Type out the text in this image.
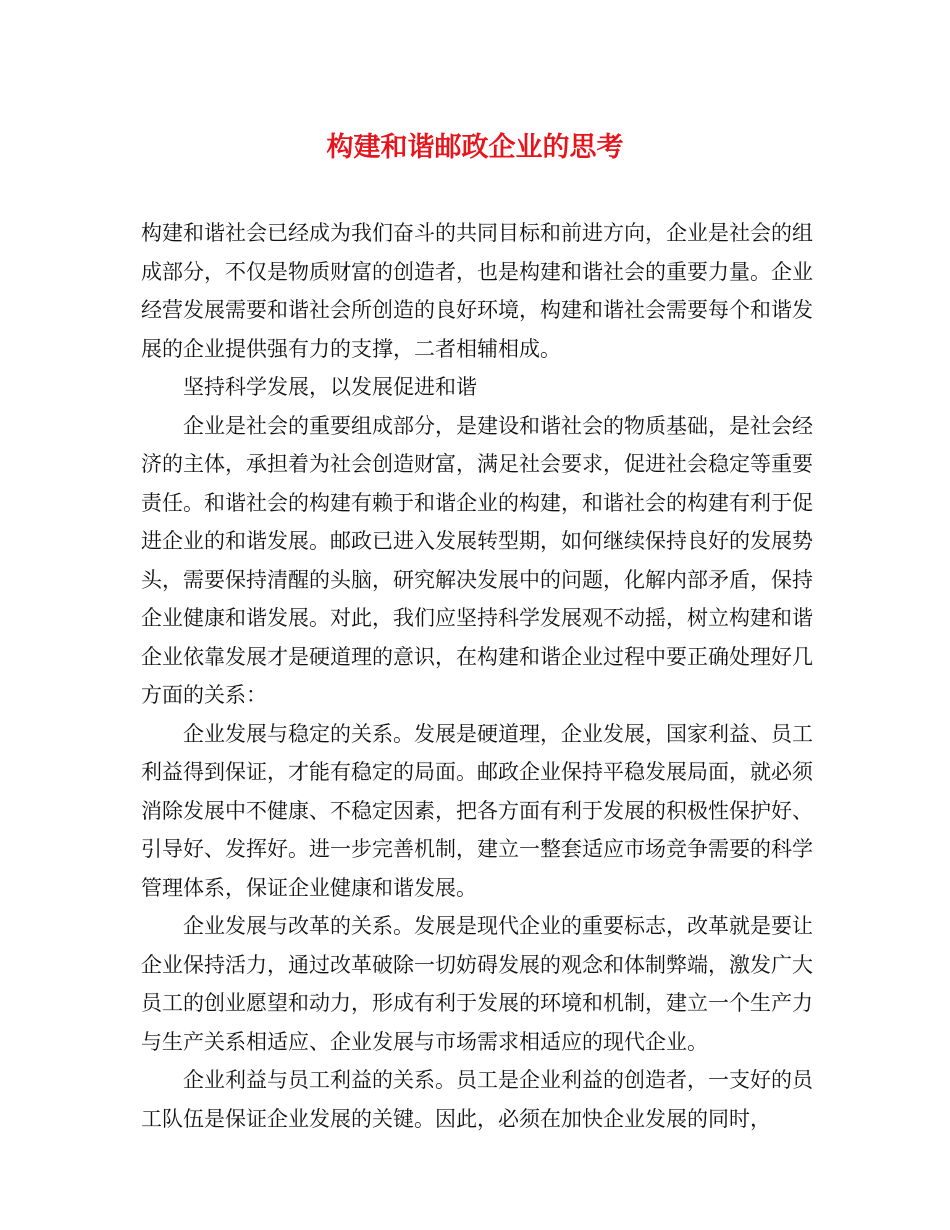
构建和谐邮政企业的思考

构建和谐社会已经成为我们奋斗的共同目标和前进方向，企业是社会的组成部分，不仅是物质财富的创造者，也是构建和谐社会的重要力量。企业经营发展需要和谐社会所创造的良好环境，构建和谐社会需要每个和谐发展的企业提供强有力的支撑，二者相辅相成。

坚持科学发展，以发展促进和谐

企业是社会的重要组成部分，是建设和谐社会的物质基础，是社会经济的主体，承担着为社会创造财富，满足社会要求，促进社会稳定等重要责任。和谐社会的构建有赖于和谐企业的构建，和谐社会的构建有利于促进企业的和谐发展。邮政已进入发展转型期，如何继续保持良好的发展势头，需要保持清醒的头脑，研究解决发展中的问题，化解内部矛盾，保持企业健康和谐发展。对此，我们应坚持科学发展观不动摇，树立构建和谐企业依靠发展才是硬道理的意识，在构建和谐企业过程中要正确处理好几方面的关系：

企业发展与稳定的关系。发展是硬道理，企业发展，国家利益、员工利益得到保证，才能有稳定的局面。邮政企业保持平稳发展局面，就必须消除发展中不健康、不稳定因素，把各方面有利于发展的积极性保护好、引导好、发挥好。进一步完善机制，建立一整套适应市场竞争需要的科学管理体系，保证企业健康和谐发展。

企业发展与改革的关系。发展是现代企业的重要标志，改革就是要让企业保持活力，通过改革破除一切妨碍发展的观念和体制弊端，激发广大员工的创业愿望和动力，形成有利于发展的环境和机制，建立一个生产力与生产关系相适应、企业发展与市场需求相适应的现代企业。

企业利益与员工利益的关系。员工是企业利益的创造者，一支好的员工队伍是保证企业发展的关键。因此，必须在加快企业发展的同时，
